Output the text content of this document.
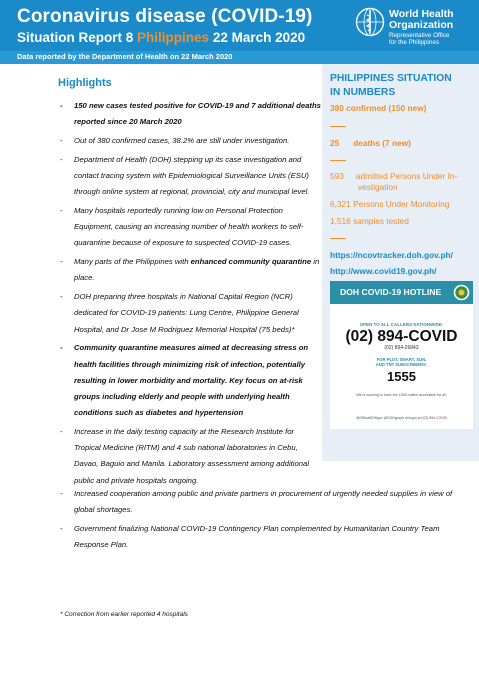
Coronavirus disease (COVID-19)
Situation Report 8 Philippines 22 March 2020
World Health
Organization
Representative Office
for the Philippines
Data reported by the Department of Health on 22 March 2020
Highlights
- 150 new cases tested positive for COVID-19 and 7 additional deaths reported since 20 March 2020
- Out of 380 confirmed cases, 38.2% are still under investigation.
- Department of Health (DOH) stepping up its case investigation and contact tracing system with Epidemiological Surveillance Units (ESU) through online system at regional, provincial, city and municipal level.
- Many hospitals reportedly running low on Personal Protection Equipment, causing an increasing number of health workers to self-quarantine because of exposure to suspected COVID-19 cases.
- Many parts of the Philippines with enhanced community quarantine in place.
- DOH preparing three hospitals in National Capital Region (NCR) dedicated for COVID-19 patients: Lung Centre, Philippine General Hospital, and Dr Jose M Rodriguez Memorial Hospital (75 beds)*
- Community quarantine measures aimed at decreasing stress on health facilities through minimizing risk of infection, potentially resulting in lower morbidity and mortality. Key focus on at-risk groups including elderly and people with underlying health conditions such as diabetes and hypertension
- Increase in the daily testing capacity at the Research Institute for Tropical Medicine (RITM) and 4 sub national laboratories in Cebu, Davao, Baguio and Manila. Laboratory assessment among additional public and private hospitals ongoing.
- Increased cooperation among public and private partners in procurement of urgently needed supplies in view of global shortages.
- Government finalizing National COVID-19 Contingency Plan complemented by Humanitarian Country Team Response Plan.
* Correction from earlier reported 4 hospitals
PHILIPPINES SITUATION
IN NUMBERS
380 confirmed (150 new)
25 deaths (7 new)
593 admitted Persons Under In-
vestigation
6,321 Persons Under Monitoring
1,516 samples tested
https://ncovtracker.doh.gov.ph/
http://www.covid19.gov.ph/
DOH COVID-19 HOTLINE
OPEN TO ALL CALLERS NATIONWIDE:
(02) 894-COVID
(02) 894-26843
FOR PLDT, SMART, SUN,
AND TNT SUBSCRIBERS:
1555
We're working to have the 1555 hotline accessible for all.
@OfficialDOHgov @DOHgovph doh.gov.ph (02) 894-COVID
